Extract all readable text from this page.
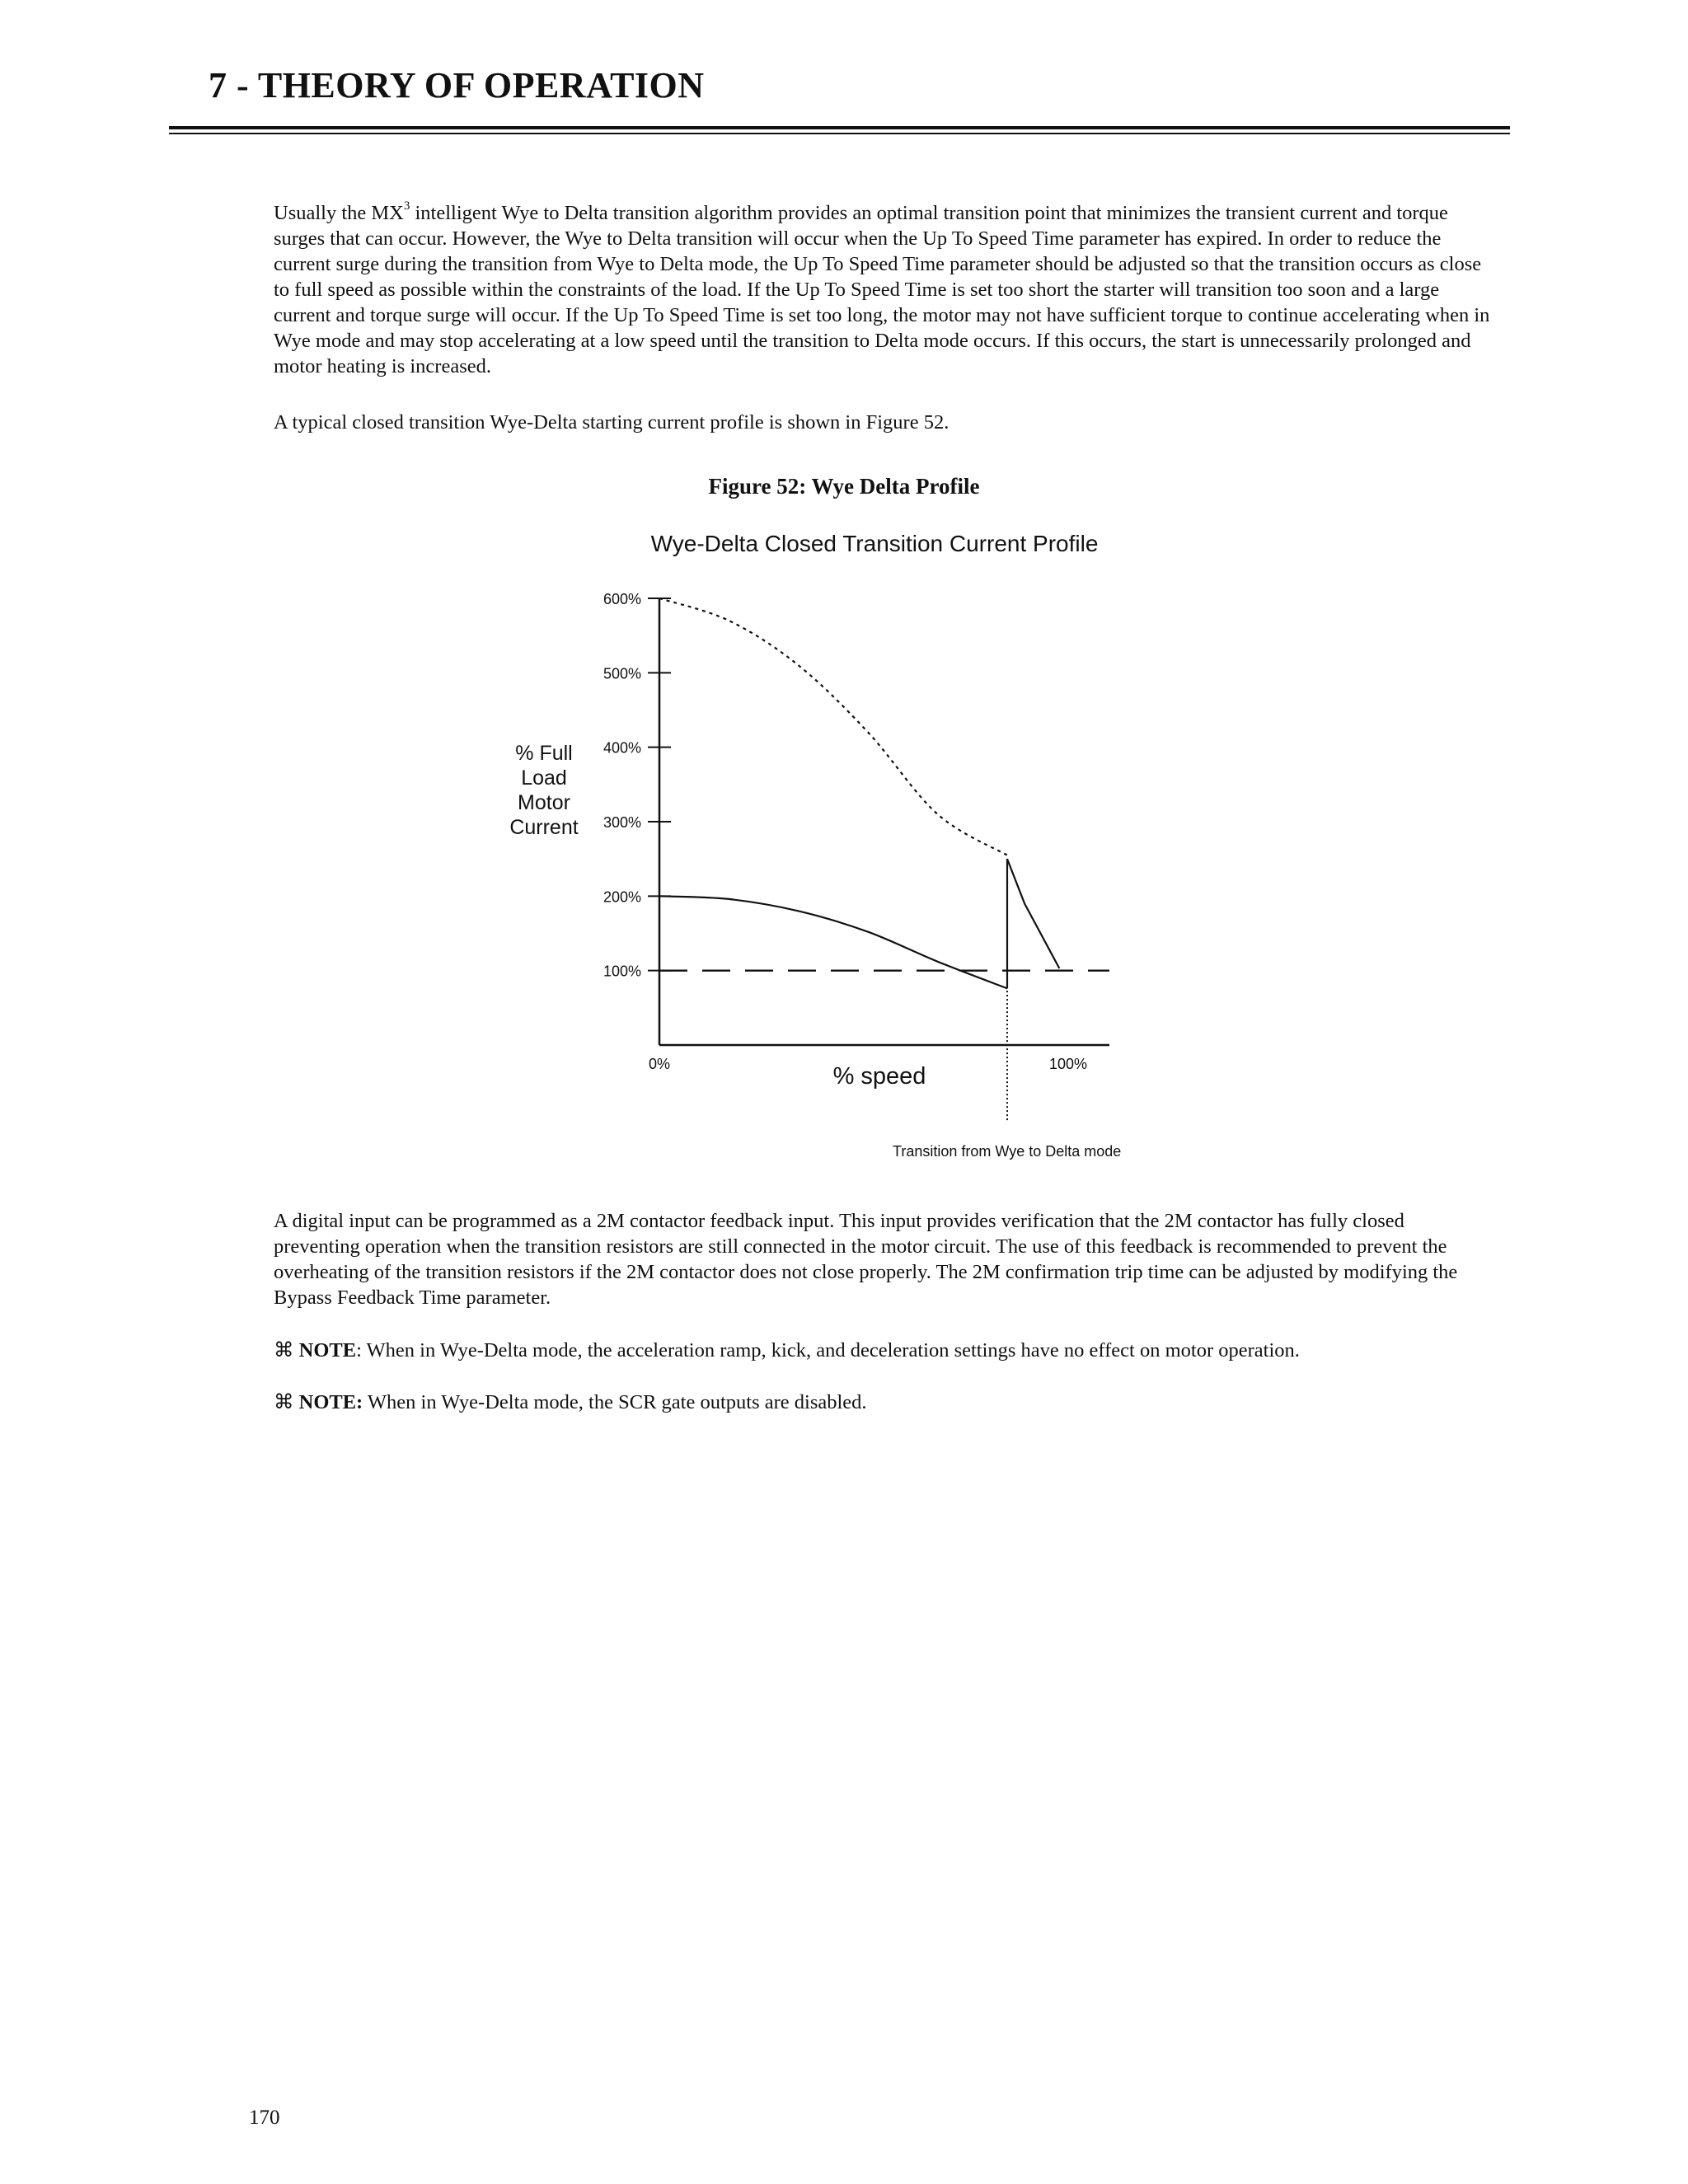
7 - THEORY OF OPERATION

Usually the $MX^3$ intelligent Wye to Delta transition algorithm provides an optimal transition point that minimizes the transient current and torque surges that can occur. However, the Wye to Delta transition will occur when the Up To Speed Time parameter has expired. In order to reduce the current surge during the transition from Wye to Delta mode, the Up To Speed Time parameter should be adjusted so that the transition occurs as close to full speed as possible within the constraints of the load. If the Up To Speed Time is set too short the starter will transition too soon and a large current and torque surge will occur. If the Up To Speed Time is set too long, the motor may not have sufficient torque to continue accelerating when in Wye mode and may stop accelerating at a low speed until the transition to Delta mode occurs. If this occurs, the start is unnecessarily prolonged and motor heating is increased.

A typical closed transition Wye-Delta starting current profile is shown in Figure 52.

Figure 52: Wye Delta Profile

Wye-Delta Closed Transition Current Profile
% Full
Load
Motor
Current
100%
200%
300%
400%
500%
600%
0%	100%
Transition from Wye to Delta mode
% speed

A digital input can be programmed as a 2M contactor feedback input. This input provides verification that the 2M contactor has fully closed preventing operation when the transition resistors are still connected in the motor circuit. The use of this feedback is recommended to prevent the overheating of the transition resistors if the 2M contactor does not close properly. The 2M confirmation trip time can be adjusted by modifying the Bypass Feedback Time parameter.

⌘ NOTE: When in Wye-Delta mode, the acceleration ramp, kick, and deceleration settings have no effect on motor operation.

⌘ NOTE: When in Wye-Delta mode, the SCR gate outputs are disabled.

170
